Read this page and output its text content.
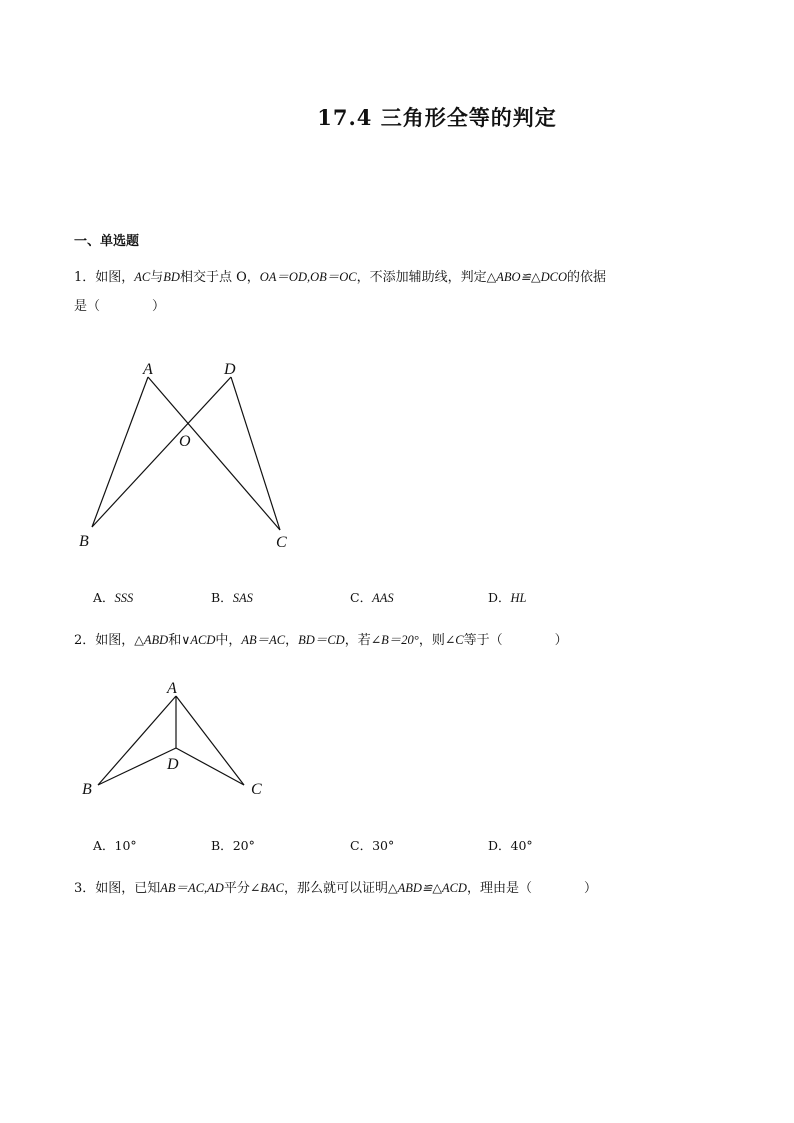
17.4 三角形全等的判定
一、单选题
1．如图，AC与BD相交于点 O，OA＝OD,OB＝OC，不添加辅助线，判定△ABO≌△DCO的依据
是（　　　　）
A	D
O
B	C
A．SSS	B．SAS	C．AAS	D．HL
2．如图，△ABD和∨ACD中，AB＝AC，BD＝CD，若∠B＝20°，则∠C等于（　　　　）
A
D
B	C
A．10°	B．20°	C．30°	D．40°
3．如图，已知AB＝AC,AD平分∠BAC，那么就可以证明△ABD≌△ACD，理由是（　　　　）
